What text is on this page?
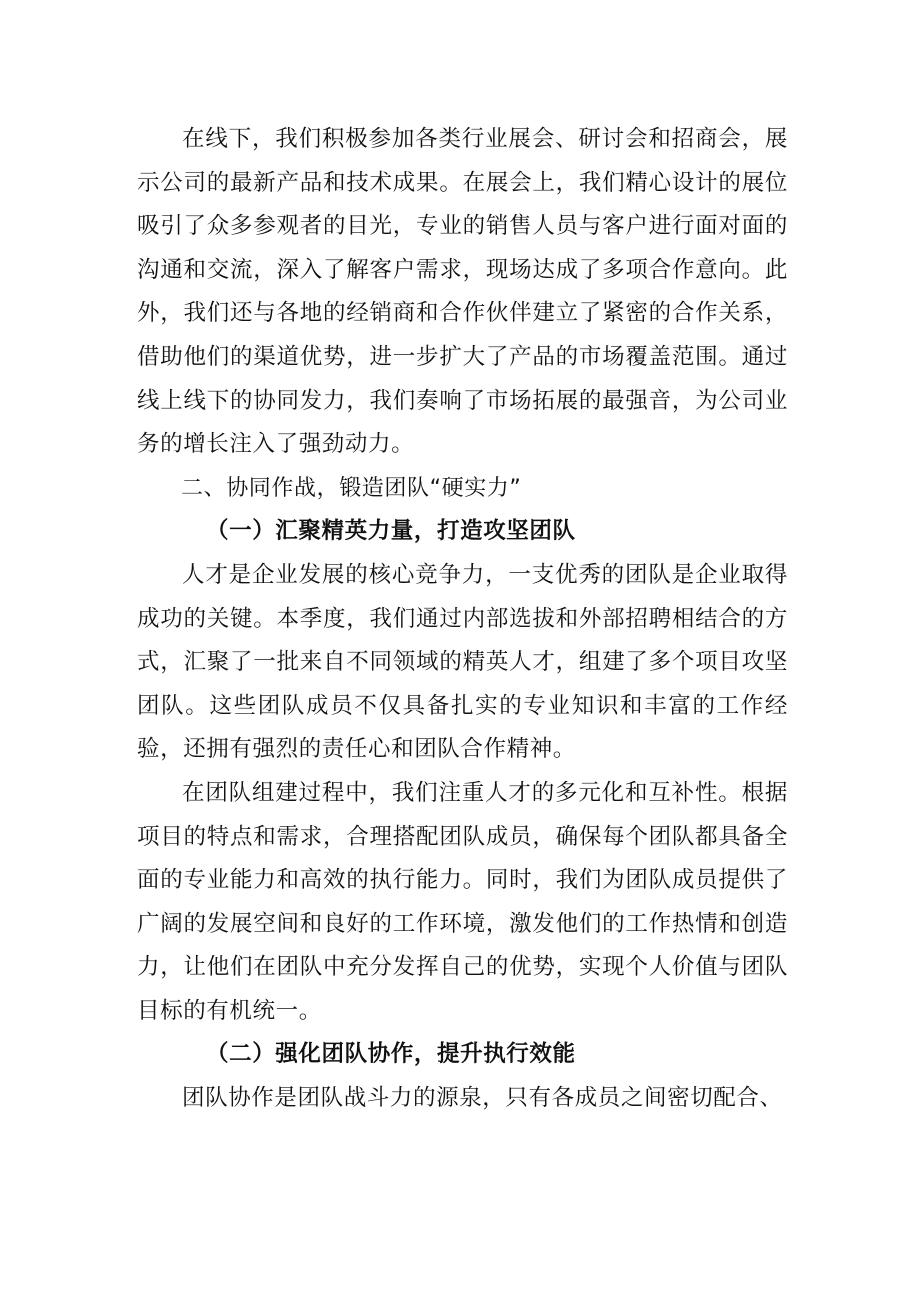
在线下，我们积极参加各类行业展会、研讨会和招商会，展示公司的最新产品和技术成果。在展会上，我们精心设计的展位吸引了众多参观者的目光，专业的销售人员与客户进行面对面的沟通和交流，深入了解客户需求，现场达成了多项合作意向。此外，我们还与各地的经销商和合作伙伴建立了紧密的合作关系，借助他们的渠道优势，进一步扩大了产品的市场覆盖范围。通过线上线下的协同发力，我们奏响了市场拓展的最强音，为公司业务的增长注入了强劲动力。

二、协同作战，锻造团队“硬实力”
（一）汇聚精英力量，打造攻坚团队

人才是企业发展的核心竞争力，一支优秀的团队是企业取得成功的关键。本季度，我们通过内部选拔和外部招聘相结合的方式，汇聚了一批来自不同领域的精英人才，组建了多个项目攻坚团队。这些团队成员不仅具备扎实的专业知识和丰富的工作经验，还拥有强烈的责任心和团队合作精神。

在团队组建过程中，我们注重人才的多元化和互补性。根据项目的特点和需求，合理搭配团队成员，确保每个团队都具备全面的专业能力和高效的执行能力。同时，我们为团队成员提供了广阔的发展空间和良好的工作环境，激发他们的工作热情和创造力，让他们在团队中充分发挥自己的优势，实现个人价值与团队目标的有机统一。

（二）强化团队协作，提升执行效能

团队协作是团队战斗力的源泉，只有各成员之间密切配合、
